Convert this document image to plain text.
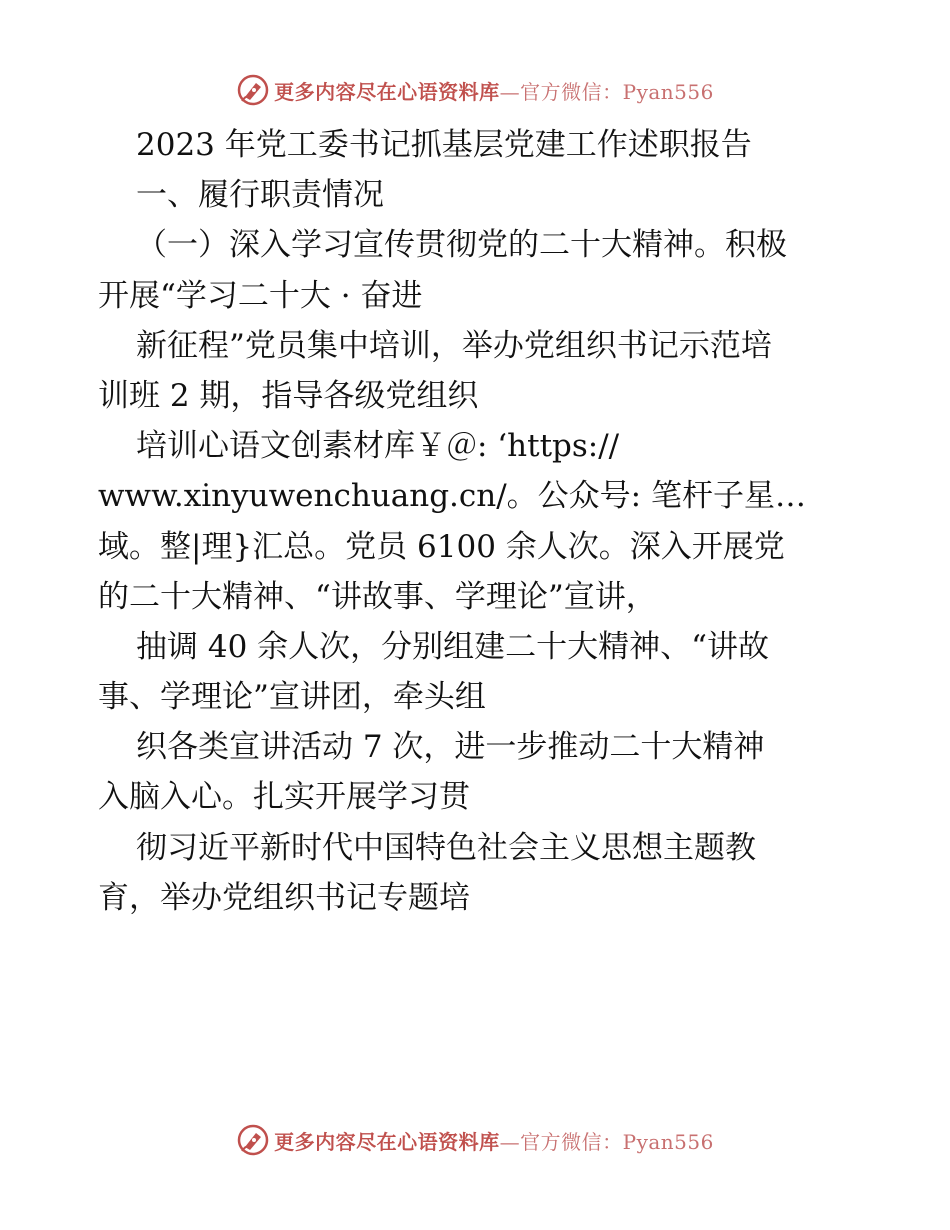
更多内容尽在心语资料库—官方微信：Pyan556
2023 年党工委书记抓基层党建工作述职报告
一、履行职责情况
（一）深入学习宣传贯彻党的二十大精神。积极
开展“学习二十大 · 奋进
新征程”党员集中培训，举办党组织书记示范培
训班 2 期，指导各级党组织
培训心语文创素材库￥＠: ‘https://
www.xinyuwenchuang.cn/。公众号: 笔杆子星…
域。整|理}汇总。党员 6100 余人次。深入开展党
的二十大精神、“讲故事、学理论”宣讲，
抽调 40 余人次，分别组建二十大精神、“讲故
事、学理论”宣讲团，牵头组
织各类宣讲活动 7 次，进一步推动二十大精神
入脑入心。扎实开展学习贯
彻习近平新时代中国特色社会主义思想主题教
育，举办党组织书记专题培
更多内容尽在心语资料库—官方微信：Pyan556
